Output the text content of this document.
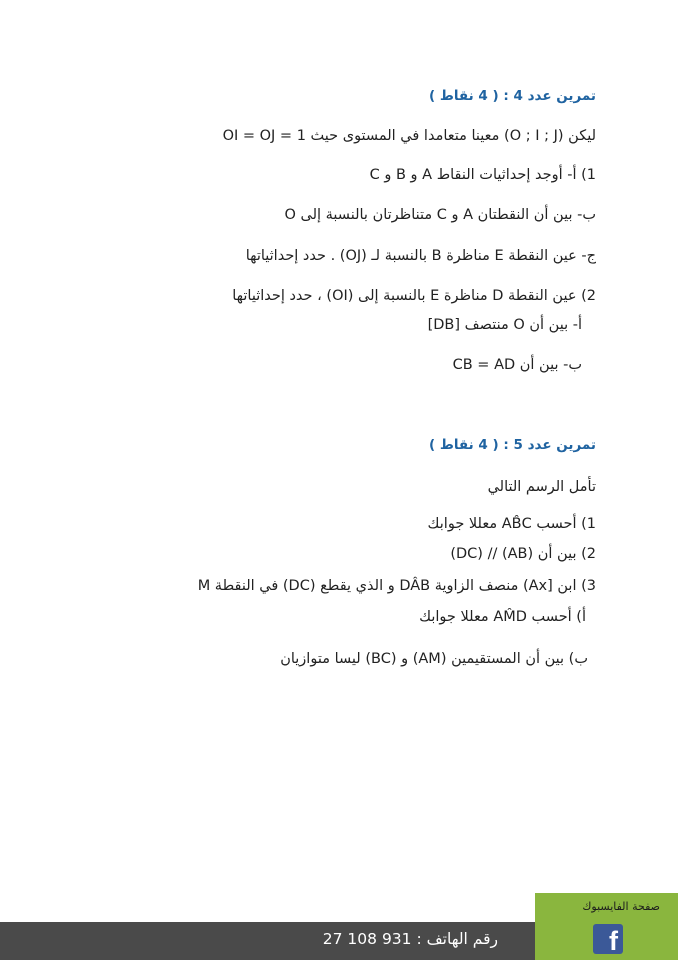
تمرين عدد 4 : ( 4 نقاط )
ليكن (O ; I ; J) معينا متعامدا في المستوى حيث OI = OJ = 1
1) أ- أوجد إحداثيات النقاط A و B و C
ب- بين أن النقطتان A و C متناظرتان بالنسبة إلى O
ج- عين النقطة E مناظرة B بالنسبة لـ (OJ) . حدد إحداثياتها
2) عين النقطة D مناظرة E بالنسبة إلى (OI) ، حدد إحداثياتها
أ- بين أن O منتصف [DB]
ب- بين أن CB = AD
تمرين عدد 5 : ( 4 نقاط )
تأمل الرسم التالي
1) أحسب AB̂C معللا جوابك
2) بين أن (AB) // (DC)
3) ابن [Ax) منصف الزاوية DÂB و الذي يقطع (DC) في النقطة M
أ) أحسب AM̂D معللا جوابك
ب) بين أن المستقيمين (AM) و (BC) ليسا متوازيان
رقم الهاتف : 931 108 27
صفحة الفايسبوك
f
